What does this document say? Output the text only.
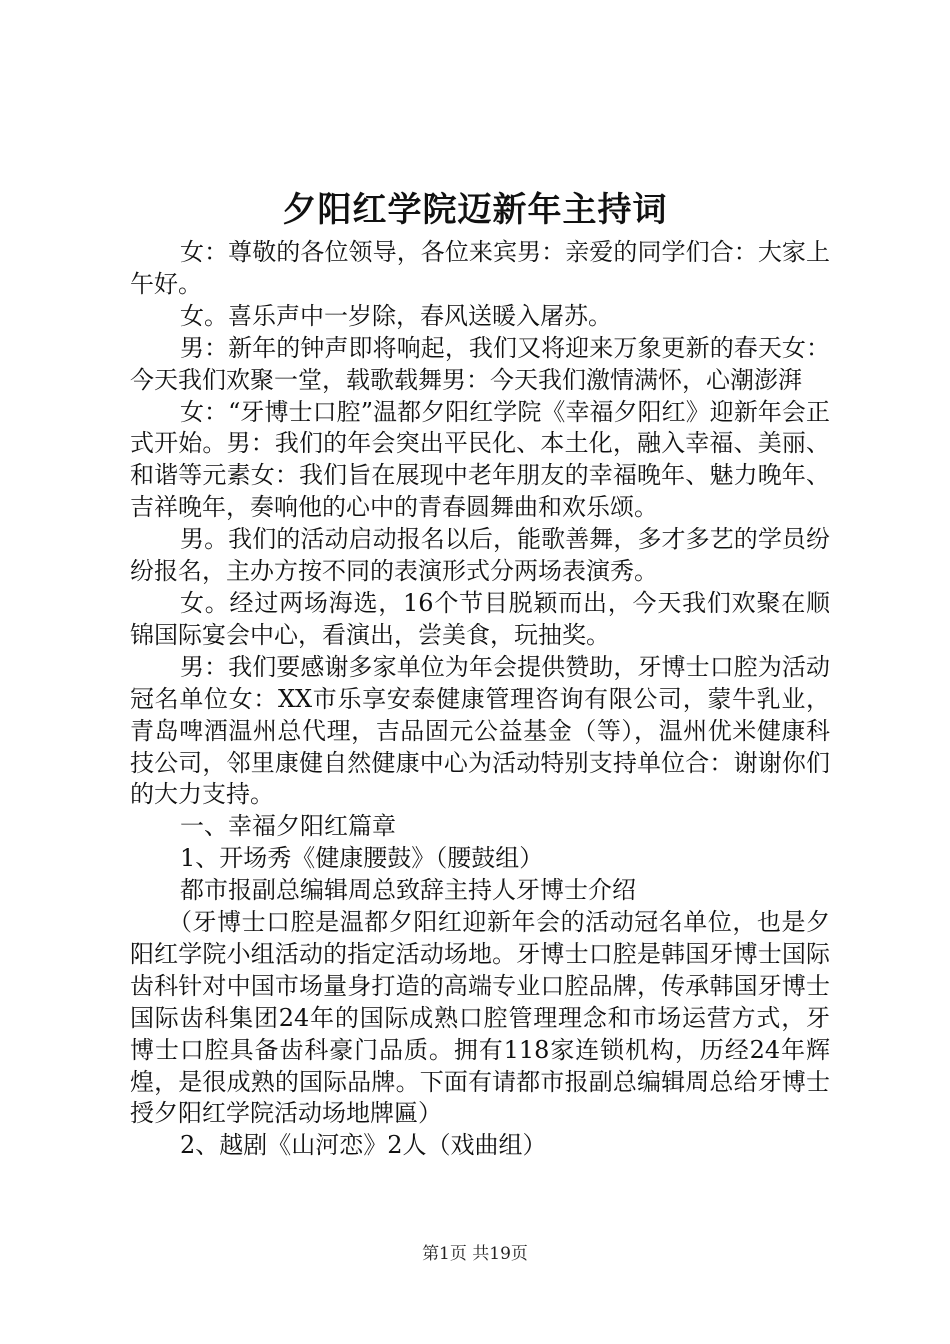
夕阳红学院迈新年主持词

女：尊敬的各位领导，各位来宾男：亲爱的同学们合：大家上午好。

女。喜乐声中一岁除，春风送暖入屠苏。

男：新年的钟声即将响起，我们又将迎来万象更新的春天女：今天我们欢聚一堂，载歌载舞男：今天我们激情满怀，心潮澎湃

女：“牙博士口腔”温都夕阳红学院《幸福夕阳红》迎新年会正式开始。男：我们的年会突出平民化、本土化，融入幸福、美丽、和谐等元素女：我们旨在展现中老年朋友的幸福晚年、魅力晚年、吉祥晚年，奏响他的心中的青春圆舞曲和欢乐颂。

男。我们的活动启动报名以后，能歌善舞，多才多艺的学员纷纷报名，主办方按不同的表演形式分两场表演秀。

女。经过两场海选，16个节目脱颖而出，今天我们欢聚在顺锦国际宴会中心，看演出，尝美食，玩抽奖。

男：我们要感谢多家单位为年会提供赞助，牙博士口腔为活动冠名单位女：XX市乐享安泰健康管理咨询有限公司，蒙牛乳业，青岛啤酒温州总代理，吉品固元公益基金（等），温州优米健康科技公司，邻里康健自然健康中心为活动特别支持单位合：谢谢你们的大力支持。

一、幸福夕阳红篇章

1、开场秀《健康腰鼓》（腰鼓组）

都市报副总编辑周总致辞主持人牙博士介绍

（牙博士口腔是温都夕阳红迎新年会的活动冠名单位，也是夕阳红学院小组活动的指定活动场地。牙博士口腔是韩国牙博士国际齿科针对中国市场量身打造的高端专业口腔品牌，传承韩国牙博士国际齿科集团24年的国际成熟口腔管理理念和市场运营方式，牙博士口腔具备齿科豪门品质。拥有118家连锁机构，历经24年辉煌，是很成熟的国际品牌。下面有请都市报副总编辑周总给牙博士授夕阳红学院活动场地牌匾）

2、越剧《山河恋》2人（戏曲组）

第1页 共19页
